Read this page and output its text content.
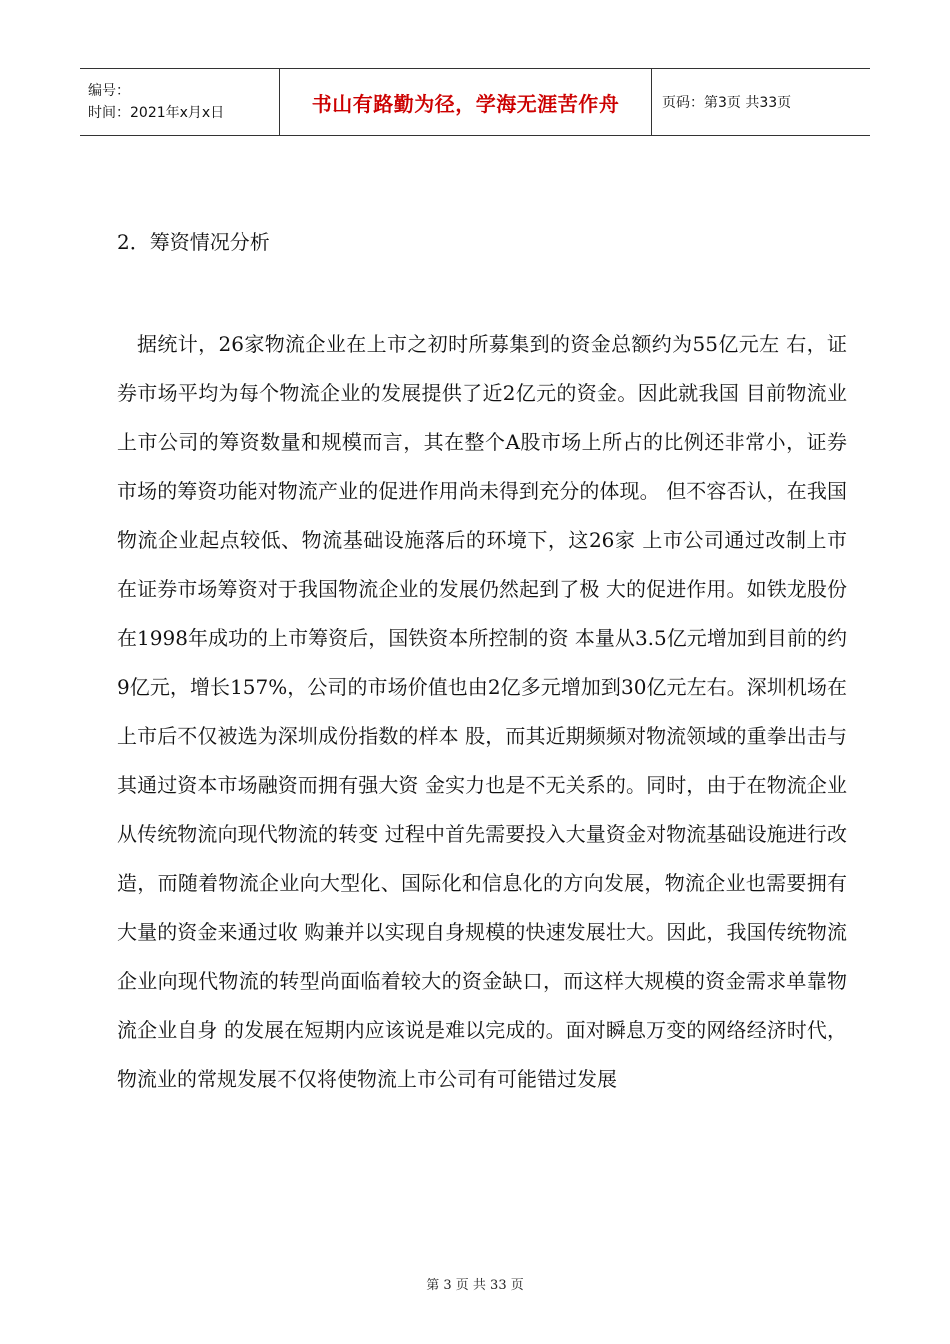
编号：
时间：2021年x月x日	书山有路勤为径，学海无涯苦作舟	页码：第3页 共33页
2．筹资情况分析

据统计，26家物流企业在上市之初时所募集到的资金总额约为55亿元左 右，证券市场平均为每个物流企业的发展提供了近2亿元的资金。因此就我国 目前物流业上市公司的筹资数量和规模而言，其在整个A股市场上所占的比例还非常小，证券市场的筹资功能对物流产业的促进作用尚未得到充分的体现。 但不容否认，在我国物流企业起点较低、物流基础设施落后的环境下，这26家 上市公司通过改制上市在证券市场筹资对于我国物流企业的发展仍然起到了极 大的促进作用。如铁龙股份在1998年成功的上市筹资后，国铁资本所控制的资 本量从3.5亿元增加到目前的约9亿元，增长157%，公司的市场价值也由2亿多元增加到30亿元左右。深圳机场在上市后不仅被选为深圳成份指数的样本 股，而其近期频频对物流领域的重拳出击与其通过资本市场融资而拥有强大资 金实力也是不无关系的。同时，由于在物流企业从传统物流向现代物流的转变 过程中首先需要投入大量资金对物流基础设施进行改造，而随着物流企业向大型化、国际化和信息化的方向发展，物流企业也需要拥有大量的资金来通过收 购兼并以实现自身规模的快速发展壮大。因此，我国传统物流企业向现代物流的转型尚面临着较大的资金缺口，而这样大规模的资金需求单靠物流企业自身 的发展在短期内应该说是难以完成的。面对瞬息万变的网络经济时代，物流业的常规发展不仅将使物流上市公司有可能错过发展

第 3 页 共 33 页
